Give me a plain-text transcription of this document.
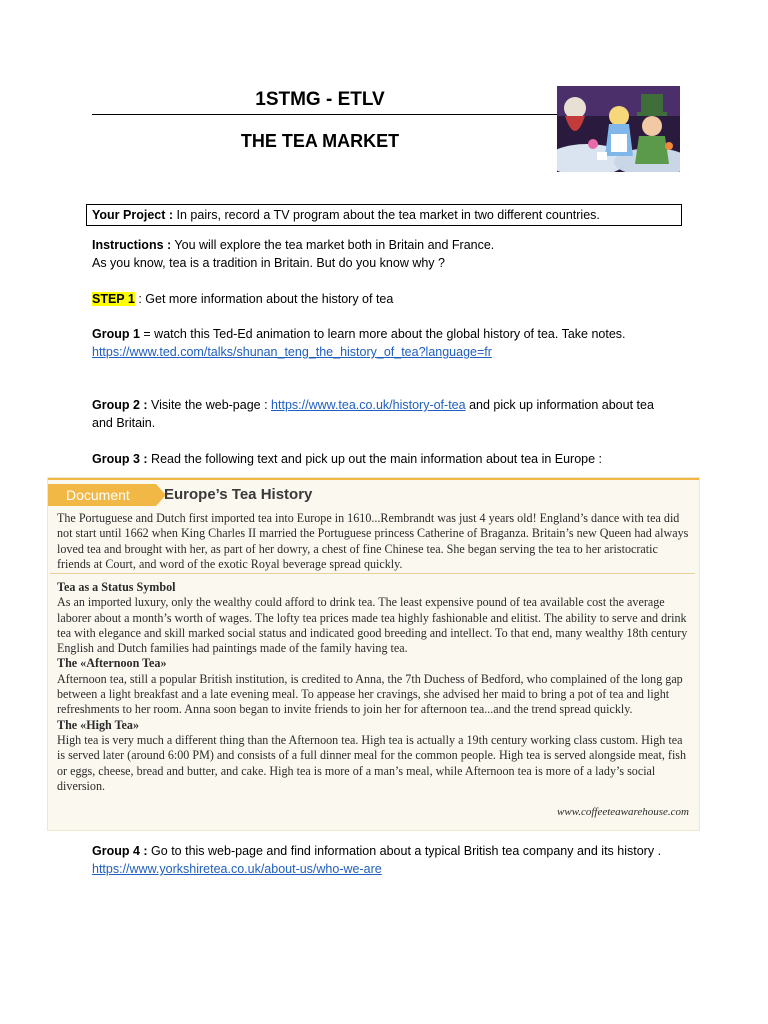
1STMG - ETLV
THE TEA MARKET
Your Project : In pairs, record a TV program about the tea market in two different countries.
Instructions : You will explore the tea market both in Britain and France.
As you know, tea is a tradition in Britain. But do you know why ?
STEP 1 : Get more information about the history of tea
Group 1 = watch this Ted-Ed animation to learn more about the global history of tea. Take notes.
https://www.ted.com/talks/shunan_teng_the_history_of_tea?language=fr
Group 2 : Visite the web-page : https://www.tea.co.uk/history-of-tea and pick up information about tea and Britain.
Group 3 : Read the following text and pick up out the main information about tea in Europe :
Document	Europe’s Tea History
The Portuguese and Dutch first imported tea into Europe in 1610...Rembrandt was just 4 years old! England’s dance with tea did not start until 1662 when King Charles II married the Portuguese princess Catherine of Braganza. Britain’s new Queen had always loved tea and brought with her, as part of her dowry, a chest of fine Chinese tea. She began serving the tea to her aristocratic friends at Court, and word of the exotic Royal beverage spread quickly.
Tea as a Status Symbol
As an imported luxury, only the wealthy could afford to drink tea. The least expensive pound of tea available cost the average laborer about a month’s worth of wages. The lofty tea prices made tea highly fashionable and elitist. The ability to serve and drink tea with elegance and skill marked social status and indicated good breeding and intellect. To that end, many wealthy 18th century English and Dutch families had paintings made of the family having tea.
The «Afternoon Tea»
Afternoon tea, still a popular British institution, is credited to Anna, the 7th Duchess of Bedford, who complained of the long gap between a light breakfast and a late evening meal. To appease her cravings, she advised her maid to bring a pot of tea and light refreshments to her room. Anna soon began to invite friends to join her for afternoon tea...and the trend spread quickly.
The «High Tea»
High tea is very much a different thing than the Afternoon tea. High tea is actually a 19th century working class custom. High tea is served later (around 6:00 PM) and consists of a full dinner meal for the common people. High tea is served alongside meat, fish or eggs, cheese, bread and butter, and cake. High tea is more of a man’s meal, while Afternoon tea is more of a lady’s social diversion.
www.coffeeteawarehouse.com
Group 4 : Go to this web-page and find information about a typical British tea company and its history .
https://www.yorkshiretea.co.uk/about-us/who-we-are
